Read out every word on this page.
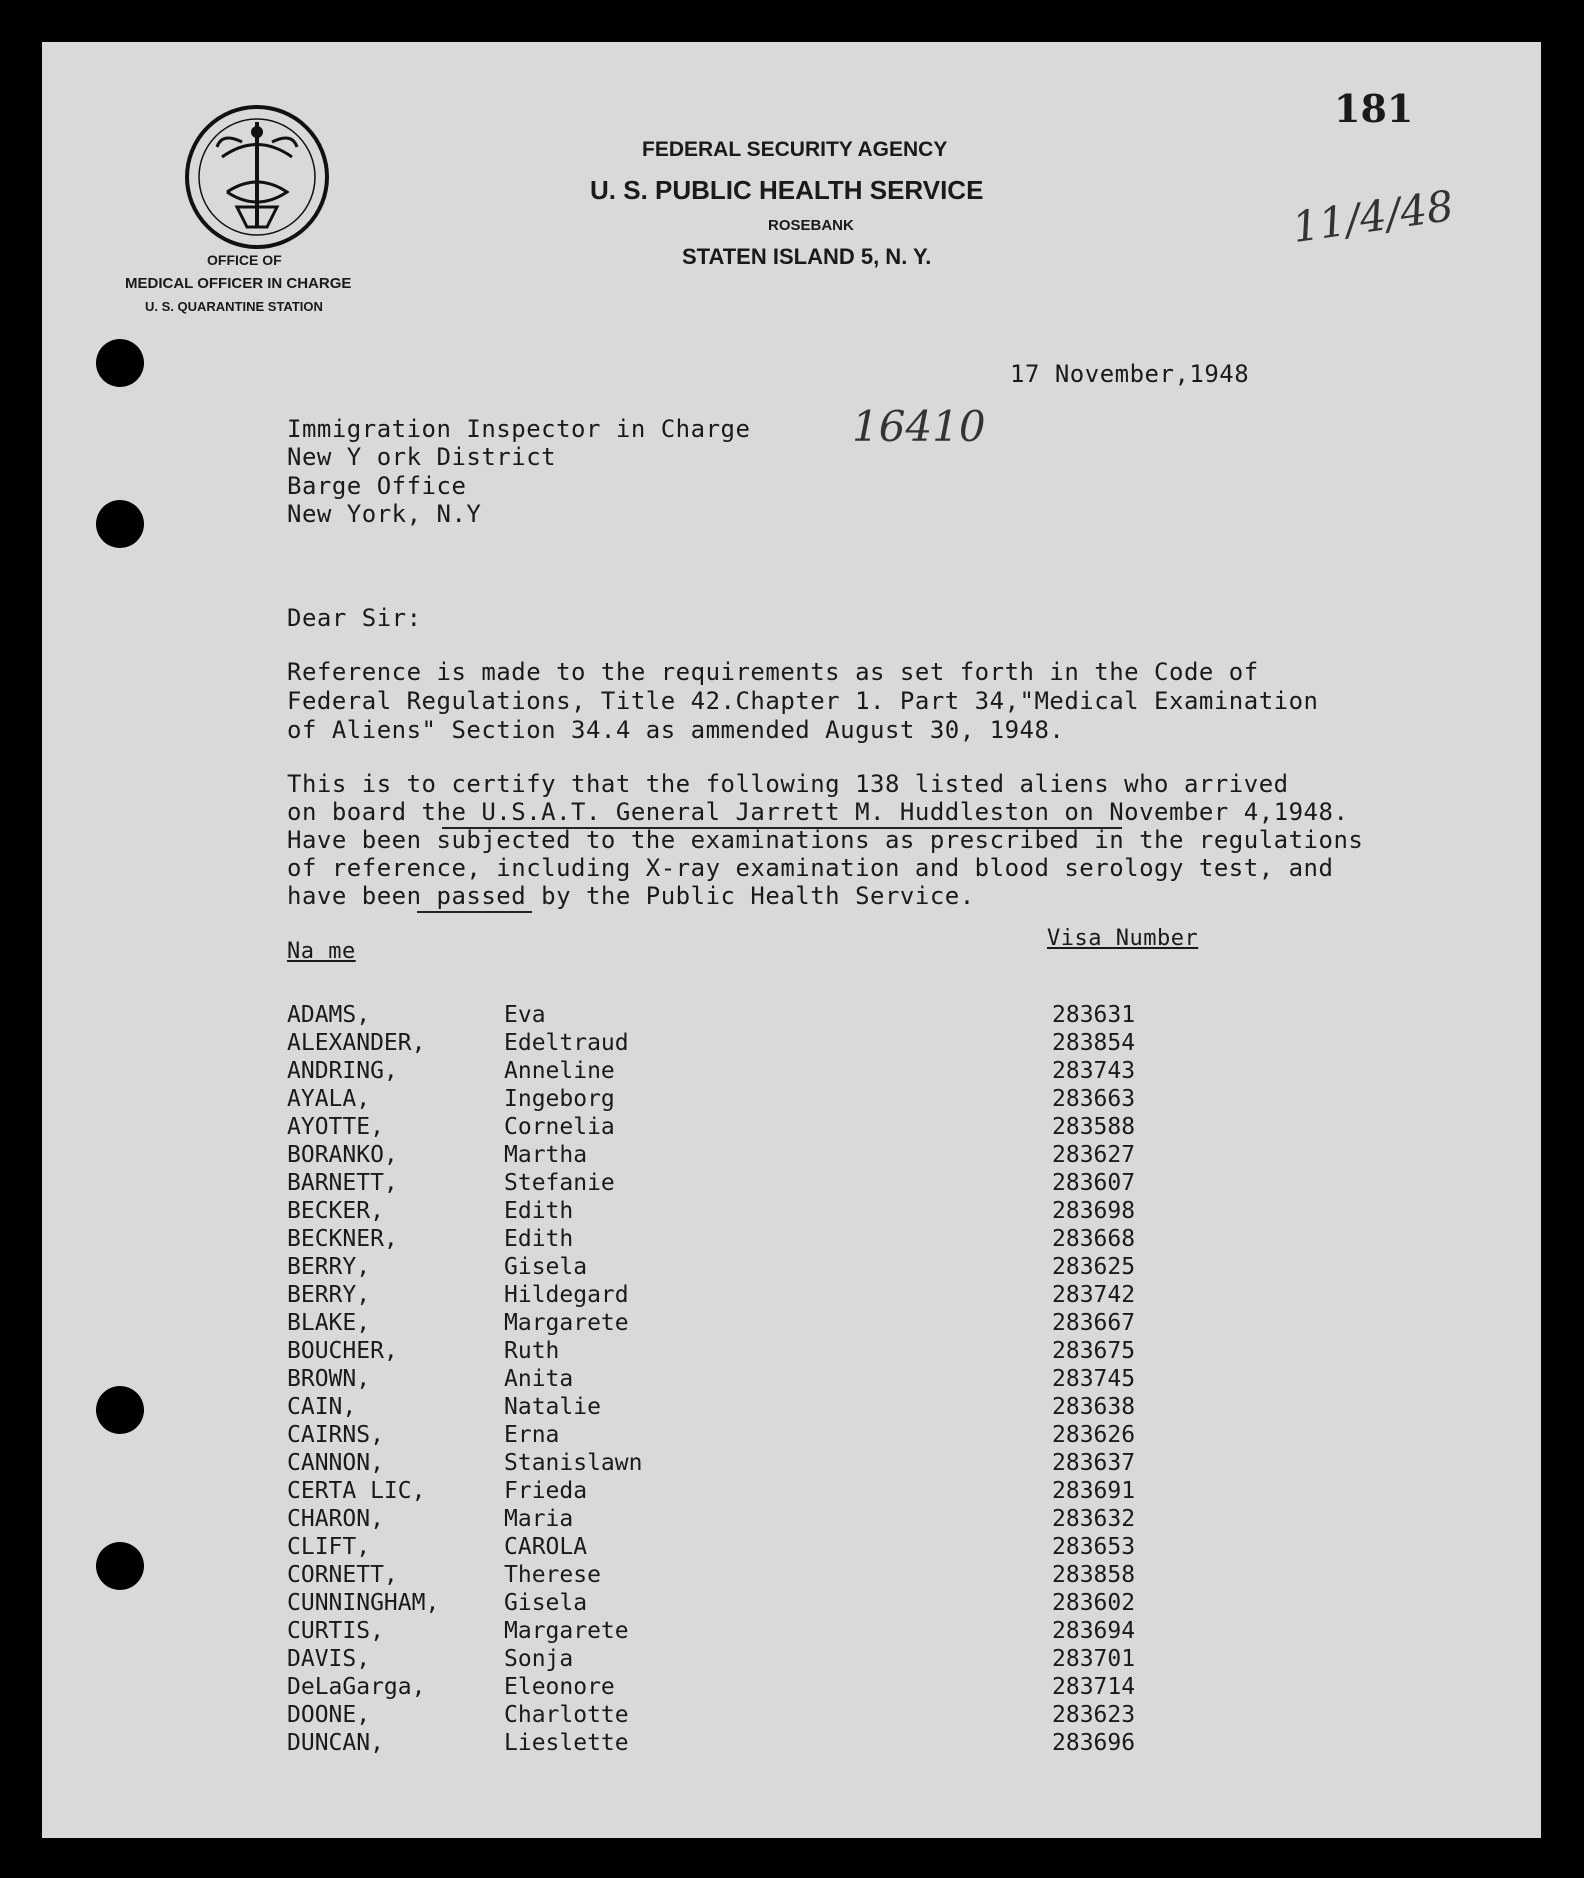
OFFICE OF
MEDICAL OFFICER IN CHARGE
U. S. QUARANTINE STATION
FEDERAL SECURITY AGENCY
U. S. PUBLIC HEALTH SERVICE
ROSEBANK
STATEN ISLAND 5, N. Y.
181
11/4/48
16410
17 November,1948
Immigration Inspector in Charge
New Y ork District
Barge Office
New York, N.Y
Dear Sir:
Reference is made to the requirements as set forth in the Code of
Federal Regulations, Title 42.Chapter 1. Part 34,"Medical Examination
of Aliens" Section 34.4 as ammended August 30, 1948.
This is to certify that the following 138 listed aliens who arrived
on board the U.S.A.T. General Jarrett M. Huddleston on November 4,1948.
Have been subjected to the examinations as prescribed in the regulations
of reference, including X-ray examination and blood serology test, and
have been passed by the Public Health Service.
Na me
Visa Number
ADAMS,	Eva	283631
ALEXANDER,	Edeltraud	283854
ANDRING,	Anneline	283743
AYALA,	Ingeborg	283663
AYOTTE,	Cornelia	283588
BORANKO,	Martha	283627
BARNETT,	Stefanie	283607
BECKER,	Edith	283698
BECKNER,	Edith	283668
BERRY,	Gisela	283625
BERRY,	Hildegard	283742
BLAKE,	Margarete	283667
BOUCHER,	Ruth	283675
BROWN,	Anita	283745
CAIN,	Natalie	283638
CAIRNS,	Erna	283626
CANNON,	Stanislawn	283637
CERTA LIC,	Frieda	283691
CHARON,	Maria	283632
CLIFT,	CAROLA	283653
CORNETT,	Therese	283858
CUNNINGHAM,	Gisela	283602
CURTIS,	Margarete	283694
DAVIS,	Sonja	283701
DeLaGarga,	Eleonore	283714
DOONE,	Charlotte	283623
DUNCAN,	Lieslette	283696
